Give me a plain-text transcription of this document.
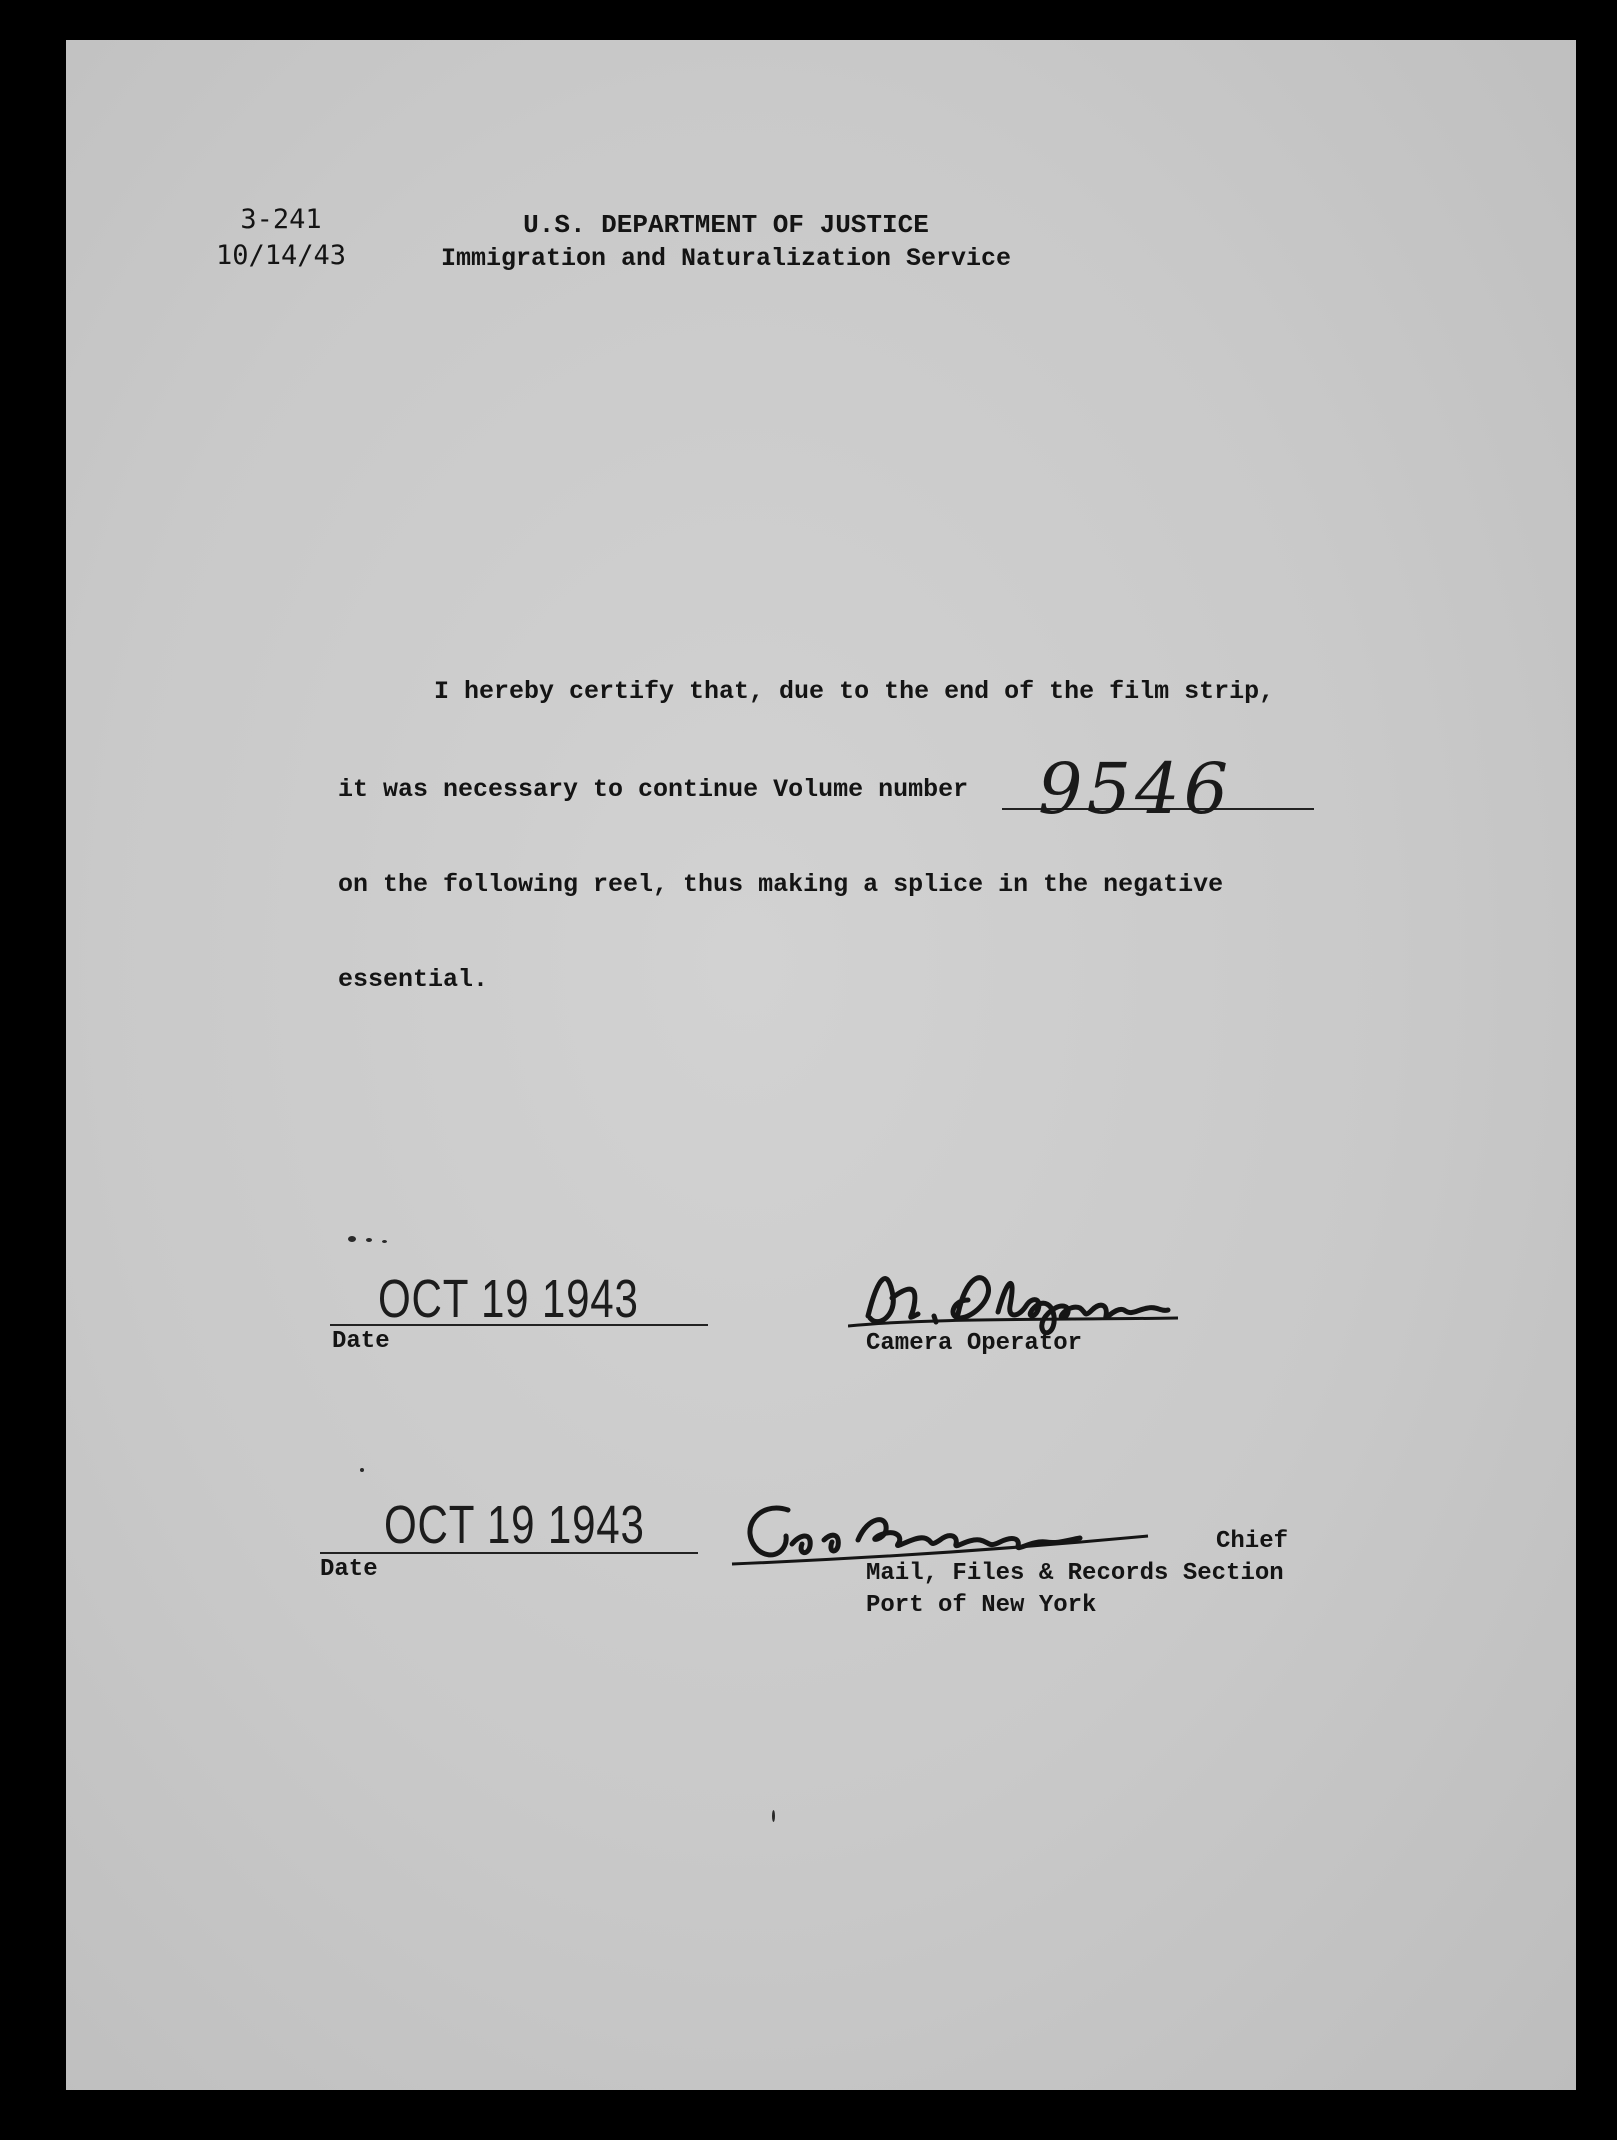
3-241
10/14/43
U.S. DEPARTMENT OF JUSTICE
Immigration and Naturalization Service

I hereby certify that, due to the end of the film strip,

it was necessary to continue Volume number 9546

on the following reel, thus making a splice in the negative

essential.

OCT 19 1943
Date	Camera Operator
OCT 19 1943
Date
Chief
Mail, Files & Records Section
Port of New York
